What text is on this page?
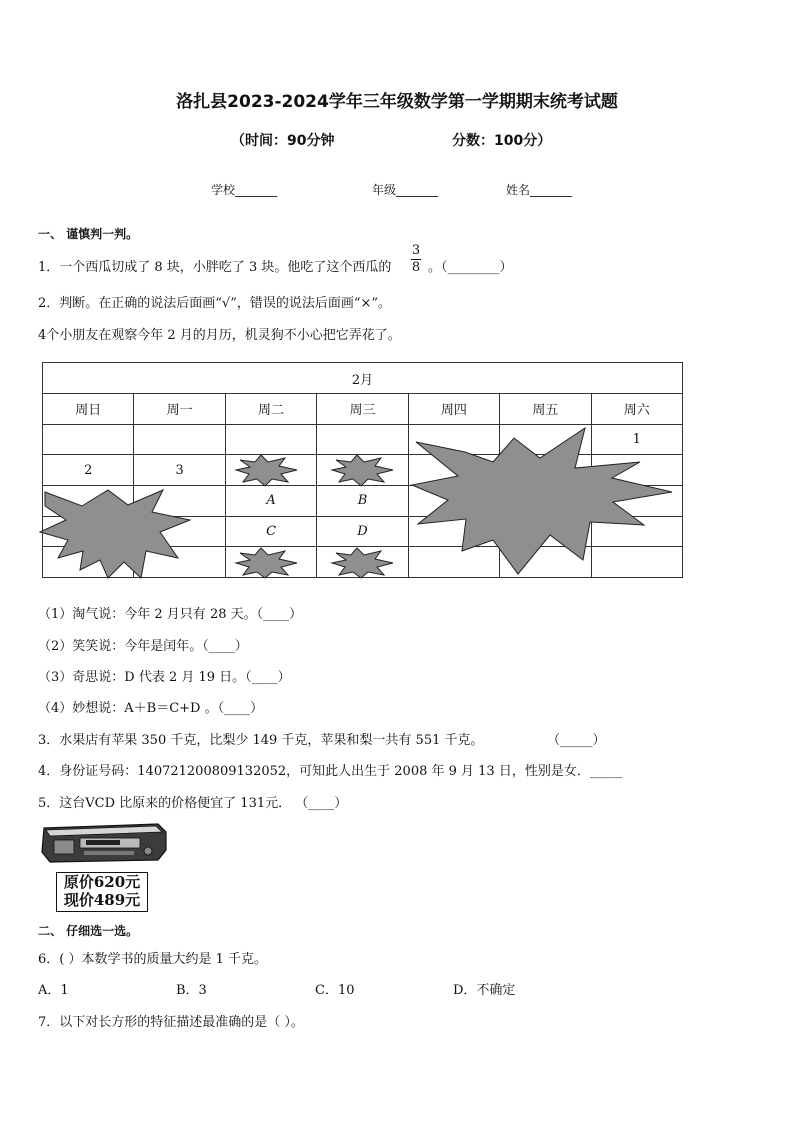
洛扎县2023-2024学年三年级数学第一学期期末统考试题
（时间：90分钟	分数：100分）
学校_______	年级_______	姓名_______
一、 谨慎判一判。
1．一个西瓜切成了 8 块，小胖吃了 3 块。他吃了这个西瓜的
3
8 。（________）
2．判断。在正确的说法后面画“√”，错误的说法后面画“×”。
4个小朋友在观察今年 2 月的月历，机灵狗不小心把它弄花了。
2月						
周日	周一	周二	周三	周四	周五	周六
						1
2	3					
		A	B			
		C	D			

（1）淘气说：今年 2 月只有 28 天。（____）
（2）笑笑说：今年是闰年。（____）
（3）奇思说：D 代表 2 月 19 日。（____）
（4）妙想说：A＋B＝C+D 。（____）
3．水果店有苹果 350 千克，比梨少 149 千克，苹果和梨一共有 551 千克。	（_____）
4．身份证号码：140721200809132052，可知此人出生于 2008 年 9 月 13 日，性别是女．_____
5．这台VCD 比原来的价格便宜了 131元． （____）
原价620元
现价489元
二、 仔细选一选。
6．( ）本数学书的质量大约是 1 千克。
A．1	B．3	C．10	D．不确定
7．以下对长方形的特征描述最准确的是（ ）。
